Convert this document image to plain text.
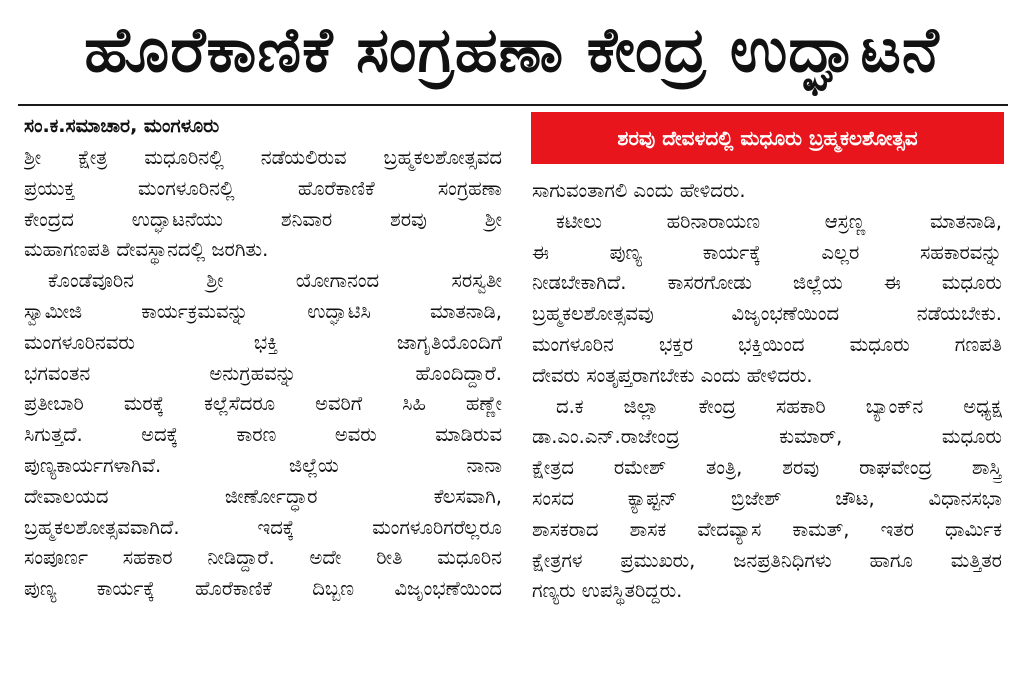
ಹೊರೆಕಾಣಿಕೆ ಸಂಗ್ರಹಣಾ ಕೇಂದ್ರ ಉದ್ಘಾಟನೆ
ಸಂ.ಕ.ಸಮಾಚಾರ, ಮಂಗಳೂರು	ಶರವು ದೇವಳದಲ್ಲಿ ಮಧೂರು ಬ್ರಹ್ಮಕಲಶೋತ್ಸವ
ಶ್ರೀ ಕ್ಷೇತ್ರ ಮಧೂರಿನಲ್ಲಿ ನಡೆಯಲಿರುವ ಬ್ರಹ್ಮಕಲಶೋತ್ಸವದ
ಪ್ರಯುಕ್ತ ಮಂಗಳೂರಿನಲ್ಲಿ ಹೊರೆಕಾಣಿಕೆ ಸಂಗ್ರಹಣಾ
ಕೇಂದ್ರದ ಉದ್ಘಾಟನೆಯು ಶನಿವಾರ ಶರವು ಶ್ರೀ
ಮಹಾಗಣಪತಿ ದೇವಸ್ಥಾನದಲ್ಲಿ ಜರಗಿತು.
ಕೊಂಡೆವೂರಿನ ಶ್ರೀ ಯೋಗಾನಂದ ಸರಸ್ವತೀ
ಸ್ವಾಮೀಜಿ ಕಾರ್ಯಕ್ರಮವನ್ನು ಉದ್ಘಾಟಿಸಿ ಮಾತನಾಡಿ,
ಮಂಗಳೂರಿನವರು ಭಕ್ತಿ ಜಾಗೃತಿಯೊಂದಿಗೆ
ಭಗವಂತನ ಅನುಗ್ರಹವನ್ನು ಹೊಂದಿದ್ದಾರೆ.
ಪ್ರತೀಬಾರಿ ಮರಕ್ಕೆ ಕಲ್ಲೆಸೆದರೂ ಅವರಿಗೆ ಸಿಹಿ ಹಣ್ಣೇ
ಸಿಗುತ್ತದೆ. ಅದಕ್ಕೆ ಕಾರಣ ಅವರು ಮಾಡಿರುವ
ಪುಣ್ಯಕಾರ್ಯಗಳಾಗಿವೆ. ಜಿಲ್ಲೆಯ ನಾನಾ
ದೇವಾಲಯದ ಜೀರ್ಣೋದ್ಧಾರ ಕೆಲಸವಾಗಿ,
ಬ್ರಹ್ಮಕಲಶೋತ್ಸವವಾಗಿದೆ. ಇದಕ್ಕೆ ಮಂಗಳೂರಿಗರೆಲ್ಲರೂ
ಸಂಪೂರ್ಣ ಸಹಕಾರ ನೀಡಿದ್ದಾರೆ. ಅದೇ ರೀತಿ ಮಧೂರಿನ
ಪುಣ್ಯ ಕಾರ್ಯಕ್ಕೆ ಹೊರೆಕಾಣಿಕೆ ದಿಬ್ಬಣ ವಿಜೃಂಭಣೆಯಿಂದ
ಸಾಗುವಂತಾಗಲಿ ಎಂದು ಹೇಳಿದರು.
ಕಟೀಲು ಹರಿನಾರಾಯಣ ಆಸ್ರಣ್ಣ ಮಾತನಾಡಿ,
ಈ ಪುಣ್ಯ ಕಾರ್ಯಕ್ಕೆ ಎಲ್ಲರ ಸಹಕಾರವನ್ನು
ನೀಡಬೇಕಾಗಿದೆ. ಕಾಸರಗೋಡು ಜಿಲ್ಲೆಯ ಈ ಮಧೂರು
ಬ್ರಹ್ಮಕಲಶೋತ್ಸವವು ವಿಜೃಂಭಣೆಯಿಂದ ನಡೆಯಬೇಕು.
ಮಂಗಳೂರಿನ ಭಕ್ತರ ಭಕ್ತಿಯಿಂದ ಮಧೂರು ಗಣಪತಿ
ದೇವರು ಸಂತೃಪ್ತರಾಗಬೇಕು ಎಂದು ಹೇಳಿದರು.
ದ.ಕ ಜಿಲ್ಲಾ ಕೇಂದ್ರ ಸಹಕಾರಿ ಬ್ಯಾಂಕ್‌ನ ಅಧ್ಯಕ್ಷ
ಡಾ.ಎಂ.ಎನ್.ರಾಜೇಂದ್ರ ಕುಮಾರ್, ಮಧೂರು
ಕ್ಷೇತ್ರದ ರಮೇಶ್ ತಂತ್ರಿ, ಶರವು ರಾಘವೇಂದ್ರ ಶಾಸ್ತ್ರಿ
ಸಂಸದ ಕ್ಯಾಪ್ಟನ್ ಬ್ರಿಜೇಶ್ ಚೌಟ, ವಿಧಾನಸಭಾ
ಶಾಸಕರಾದ ಶಾಸಕ ವೇದವ್ಯಾಸ ಕಾಮತ್, ಇತರ ಧಾರ್ಮಿಕ
ಕ್ಷೇತ್ರಗಳ ಪ್ರಮುಖರು, ಜನಪ್ರತಿನಿಧಿಗಳು ಹಾಗೂ ಮತ್ತಿತರ
ಗಣ್ಯರು ಉಪಸ್ಥಿತರಿದ್ದರು.
